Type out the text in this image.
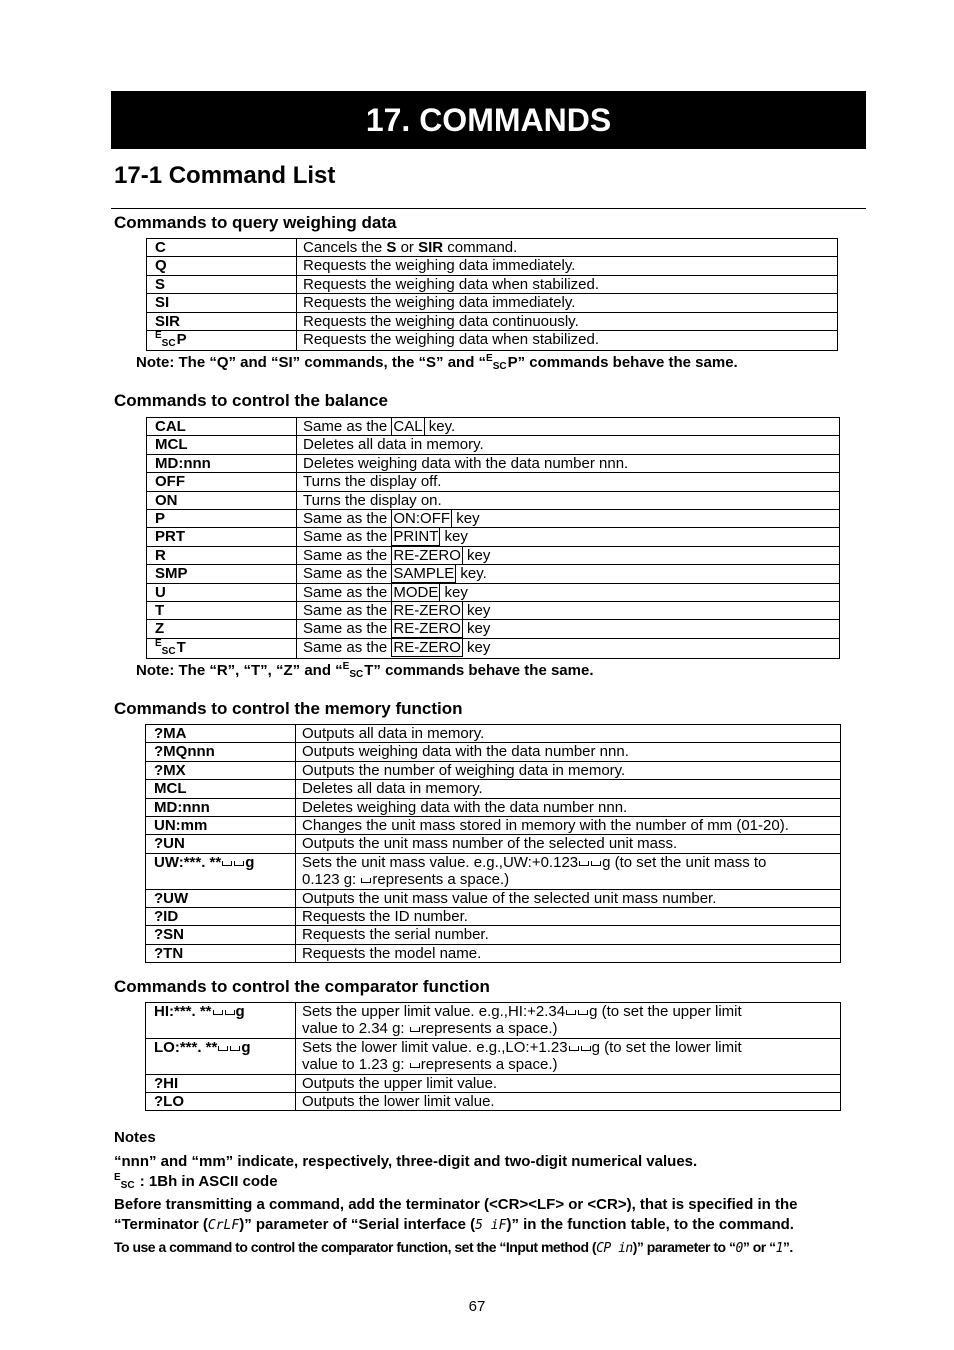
17. COMMANDS
17-1 Command List
Commands to query weighing data
C	Cancels the S or SIR command.
Q	Requests the weighing data immediately.
S	Requests the weighing data when stabilized.
SI	Requests the weighing data immediately.
SIR	Requests the weighing data continuously.
$^E$SCP	Requests the weighing data when stabilized.
Note: The “Q” and “SI” commands, the “S” and “$^E$SCP” commands behave the same.
Commands to control the balance
CAL	Same as the CAL key.
MCL	Deletes all data in memory.
MD:nnn	Deletes weighing data with the data number nnn.
OFF	Turns the display off.
ON	Turns the display on.
P	Same as the ON:OFF key
PRT	Same as the PRINT key
R	Same as the RE-ZERO key
SMP	Same as the SAMPLE key.
U	Same as the MODE key
T	Same as the RE-ZERO key
Z	Same as the RE-ZERO key
$^E$SCT	Same as the RE-ZERO key
Note: The “R”, “T”, “Z” and “$^E$SCT” commands behave the same.
Commands to control the memory function
?MA	Outputs all data in memory.
?MQnnn	Outputs weighing data with the data number nnn.
?MX	Outputs the number of weighing data in memory.
MCL	Deletes all data in memory.
MD:nnn	Deletes weighing data with the data number nnn.
UN:mm	Changes the unit mass stored in memory with the number of mm (01-20).
?UN	Outputs the unit mass number of the selected unit mass.
UW:***. ** g	Sets the unit mass value. e.g.,UW:+0.123 g (to set the unit mass to
0.123 g: represents a space.)
?UW	Outputs the unit mass value of the selected unit mass number.
?ID	Requests the ID number.
?SN	Requests the serial number.
?TN	Requests the model name.
Commands to control the comparator function
HI:***. ** g	Sets the upper limit value. e.g.,HI:+2.34 g (to set the upper limit
value to 2.34 g: represents a space.)
LO:***. ** g	Sets the lower limit value. e.g.,LO:+1.23 g (to set the lower limit
value to 1.23 g: represents a space.)
?HI	Outputs the upper limit value.
?LO	Outputs the lower limit value.

Notes

“nnn” and “mm” indicate, respectively, three-digit and two-digit numerical values.

$^E$SC : 1Bh in ASCII code

Before transmitting a command, add the terminator (<CR><LF> or <CR>), that is specified in the

“Terminator (CrLF)” parameter of “Serial interface (5 iF)” in the function table, to the command.

To use a command to control the comparator function, set the “Input method (CP in)” parameter to “0” or “1”.

67
